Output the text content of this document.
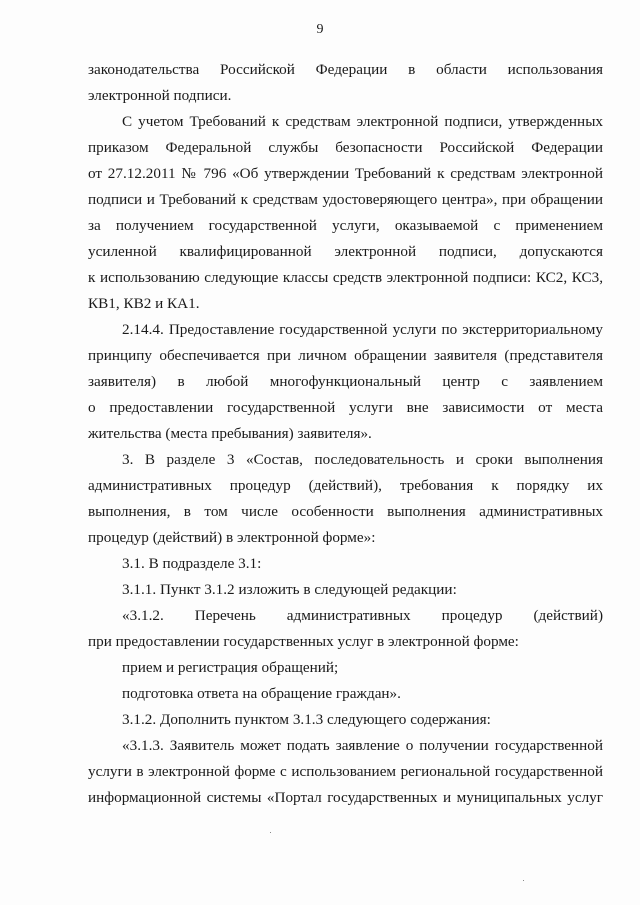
9
законодательства Российской Федерации в области использования
электронной подписи.
С учетом Требований к средствам электронной подписи, утвержденных
приказом Федеральной службы безопасности Российской Федерации
от 27.12.2011 № 796 «Об утверждении Требований к средствам электронной
подписи и Требований к средствам удостоверяющего центра», при обращении
за получением государственной услуги, оказываемой с применением
усиленной квалифицированной электронной подписи, допускаются
к использованию следующие классы средств электронной подписи: КС2, КС3,
КВ1, КВ2 и КА1.
2.14.4. Предоставление государственной услуги по экстерриториальному
принципу обеспечивается при личном обращении заявителя (представителя
заявителя) в любой многофункциональный центр с заявлением
о предоставлении государственной услуги вне зависимости от места
жительства (места пребывания) заявителя».
3. В разделе 3 «Состав, последовательность и сроки выполнения
административных процедур (действий), требования к порядку их
выполнения, в том числе особенности выполнения административных
процедур (действий) в электронной форме»:
3.1. В подразделе 3.1:
3.1.1. Пункт 3.1.2 изложить в следующей редакции:
«3.1.2. Перечень административных процедур (действий)
при предоставлении государственных услуг в электронной форме:
прием и регистрация обращений;
подготовка ответа на обращение граждан».
3.1.2. Дополнить пунктом 3.1.3 следующего содержания:
«3.1.3. Заявитель может подать заявление о получении государственной
услуги в электронной форме с использованием региональной государственной
информационной системы «Портал государственных и муниципальных услуг
